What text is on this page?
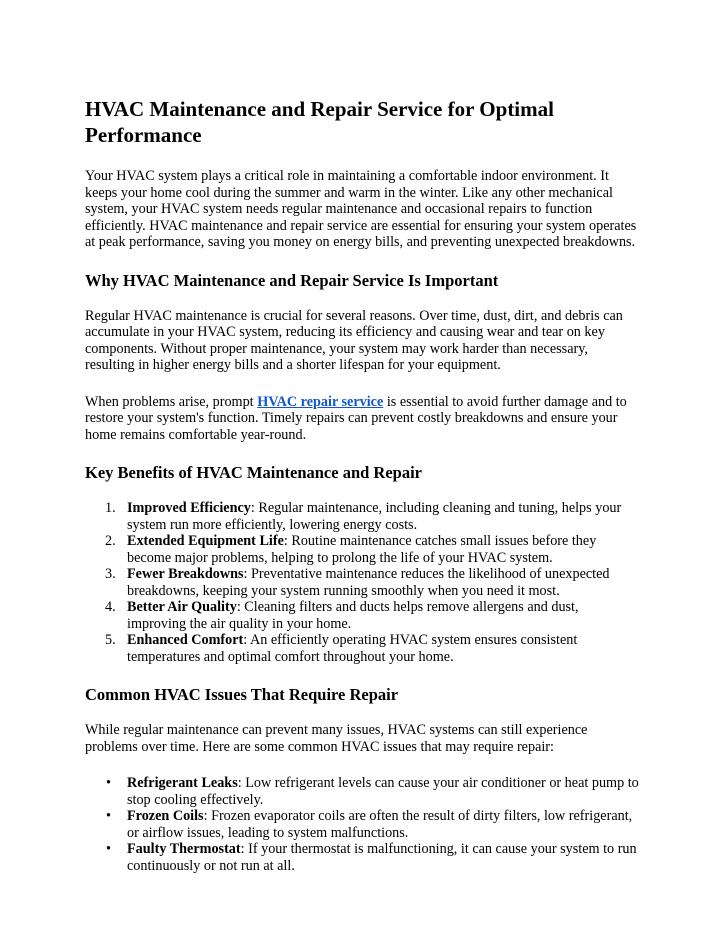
HVAC Maintenance and Repair Service for Optimal Performance

Your HVAC system plays a critical role in maintaining a comfortable indoor environment. It keeps your home cool during the summer and warm in the winter. Like any other mechanical system, your HVAC system needs regular maintenance and occasional repairs to function efficiently. HVAC maintenance and repair service are essential for ensuring your system operates at peak performance, saving you money on energy bills, and preventing unexpected breakdowns.

Why HVAC Maintenance and Repair Service Is Important

Regular HVAC maintenance is crucial for several reasons. Over time, dust, dirt, and debris can accumulate in your HVAC system, reducing its efficiency and causing wear and tear on key components. Without proper maintenance, your system may work harder than necessary, resulting in higher energy bills and a shorter lifespan for your equipment.

When problems arise, prompt HVAC repair service is essential to avoid further damage and to restore your system's function. Timely repairs can prevent costly breakdowns and ensure your home remains comfortable year-round.

Key Benefits of HVAC Maintenance and Repair
1. Improved Efficiency: Regular maintenance, including cleaning and tuning, helps your system run more efficiently, lowering energy costs.
2. Extended Equipment Life: Routine maintenance catches small issues before they become major problems, helping to prolong the life of your HVAC system.
3. Fewer Breakdowns: Preventative maintenance reduces the likelihood of unexpected breakdowns, keeping your system running smoothly when you need it most.
4. Better Air Quality: Cleaning filters and ducts helps remove allergens and dust, improving the air quality in your home.
5. Enhanced Comfort: An efficiently operating HVAC system ensures consistent temperatures and optimal comfort throughout your home.
Common HVAC Issues That Require Repair

While regular maintenance can prevent many issues, HVAC systems can still experience problems over time. Here are some common HVAC issues that may require repair:

• Refrigerant Leaks: Low refrigerant levels can cause your air conditioner or heat pump to stop cooling effectively.
• Frozen Coils: Frozen evaporator coils are often the result of dirty filters, low refrigerant, or airflow issues, leading to system malfunctions.
• Faulty Thermostat: If your thermostat is malfunctioning, it can cause your system to run continuously or not run at all.
